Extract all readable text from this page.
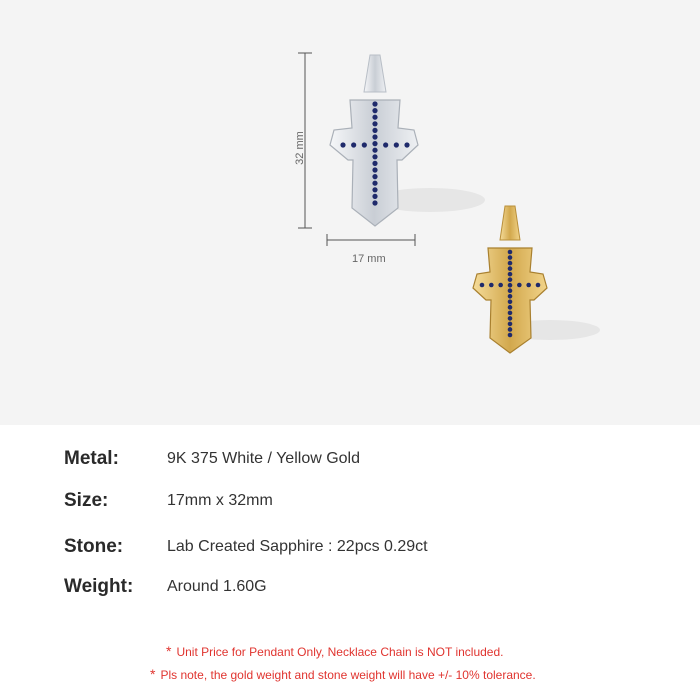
32 mm
17 mm
Metal:	9K 375 White / Yellow Gold
Size:	17mm x 32mm
Stone:	Lab Created Sapphire : 22pcs 0.29ct
Weight: Around 1.60G
* Unit Price for Pendant Only, Necklace Chain is NOT included.
* Pls note, the gold weight and stone weight will have +/- 10% tolerance.
